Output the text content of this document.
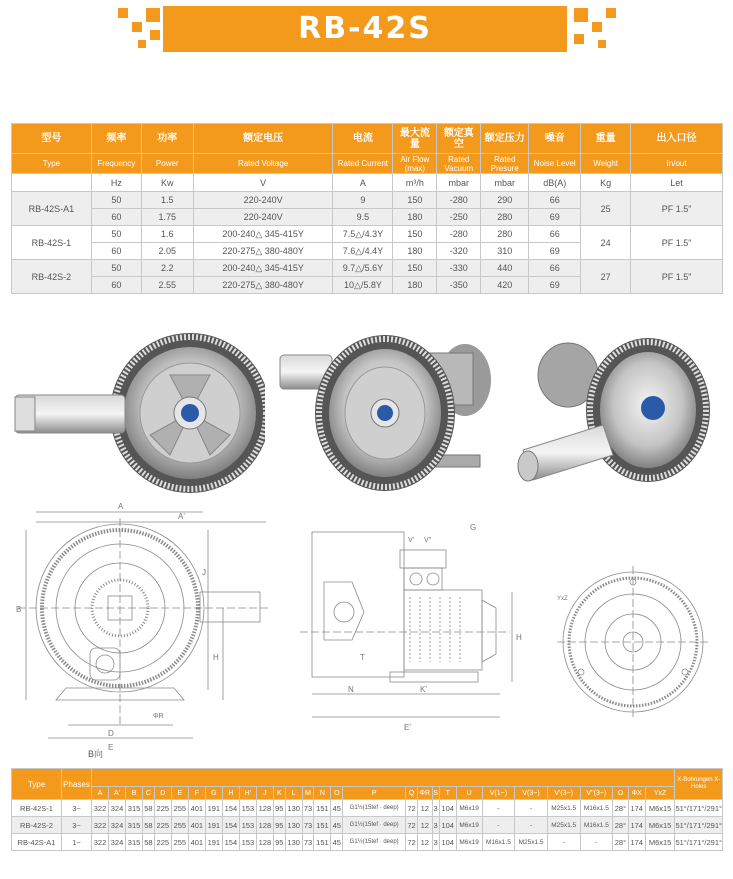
RB-42S
型号	频率	功率	额定电压	电流	最大流量	额定真空	额定压力	噪音	重量	出入口径
Type	Frequency	Power	Rated Voltage	Rated Current	Air Flow (max)	Rated Vacuum	Rated Presure	Noise Level	Weight	In/out
	Hz	Kw	V	A	m³/h	mbar	mbar	dB(A)	Kg	Let
RB-42S-A1	50	1.5	220-240V	9	150	-280	290	66	25	PF 1.5"
	60	1.75	220-240V	9.5	180	-250	280	69		
RB-42S-1	50	1.6	200-240△ 345-415Y	7.5△/4.3Y	150	-280	280	66	24	PF 1.5"
	60	2.05	220-275△ 380-480Y	7.6△/4.4Y	180	-320	310	69		
RB-42S-2	50	2.2	200-240△ 345-415Y	9.7△/5.6Y	150	-330	440	66	27	PF 1.5"
	60	2.55	220-275△ 380-480Y	10△/5.8Y	180	-350	420	69		
A
A'
B
D
E
J
H
ΦR
B向
V' V''
G
T
N	K'
E'
H
YxZ
Type	Phases																														X-Bohrungen X-Holes
		A	A'	B	C	D	E	F	G	H	H'	J	K	L	M	N	O	P	Q	ΦR	S	T	U	V(1~)	V(3~)	V'(3~)	V''(3~)	Ω	ΦX	YxZ	
RB-42S-1	3~	322	324	315	58	225	255	401	191	154	153	128	95	130	73	151	45	G1½(15tef · deep)	72	12	3	104	M6x19	-	-	M25x1.5	M16x1.5	28°	174	M6x15	51°/171°/291°
RB-42S-2	3~	322	324	315	58	225	255	401	191	154	153	128	95	130	73	151	45	G1½(15tef · deep)	72	12	3	104	M6x19	-	-	M25x1.5	M16x1.5	28°	174	M6x15	51°/171°/291°
RB-42S-A1	1~	322	324	315	58	225	255	401	191	154	153	128	95	130	73	151	45	G1½(15tef · deep)	72	12	3	104	M6x19	M16x1.5	M25x1.5	-	-	28°	174	M6x15	51°/171°/291°
